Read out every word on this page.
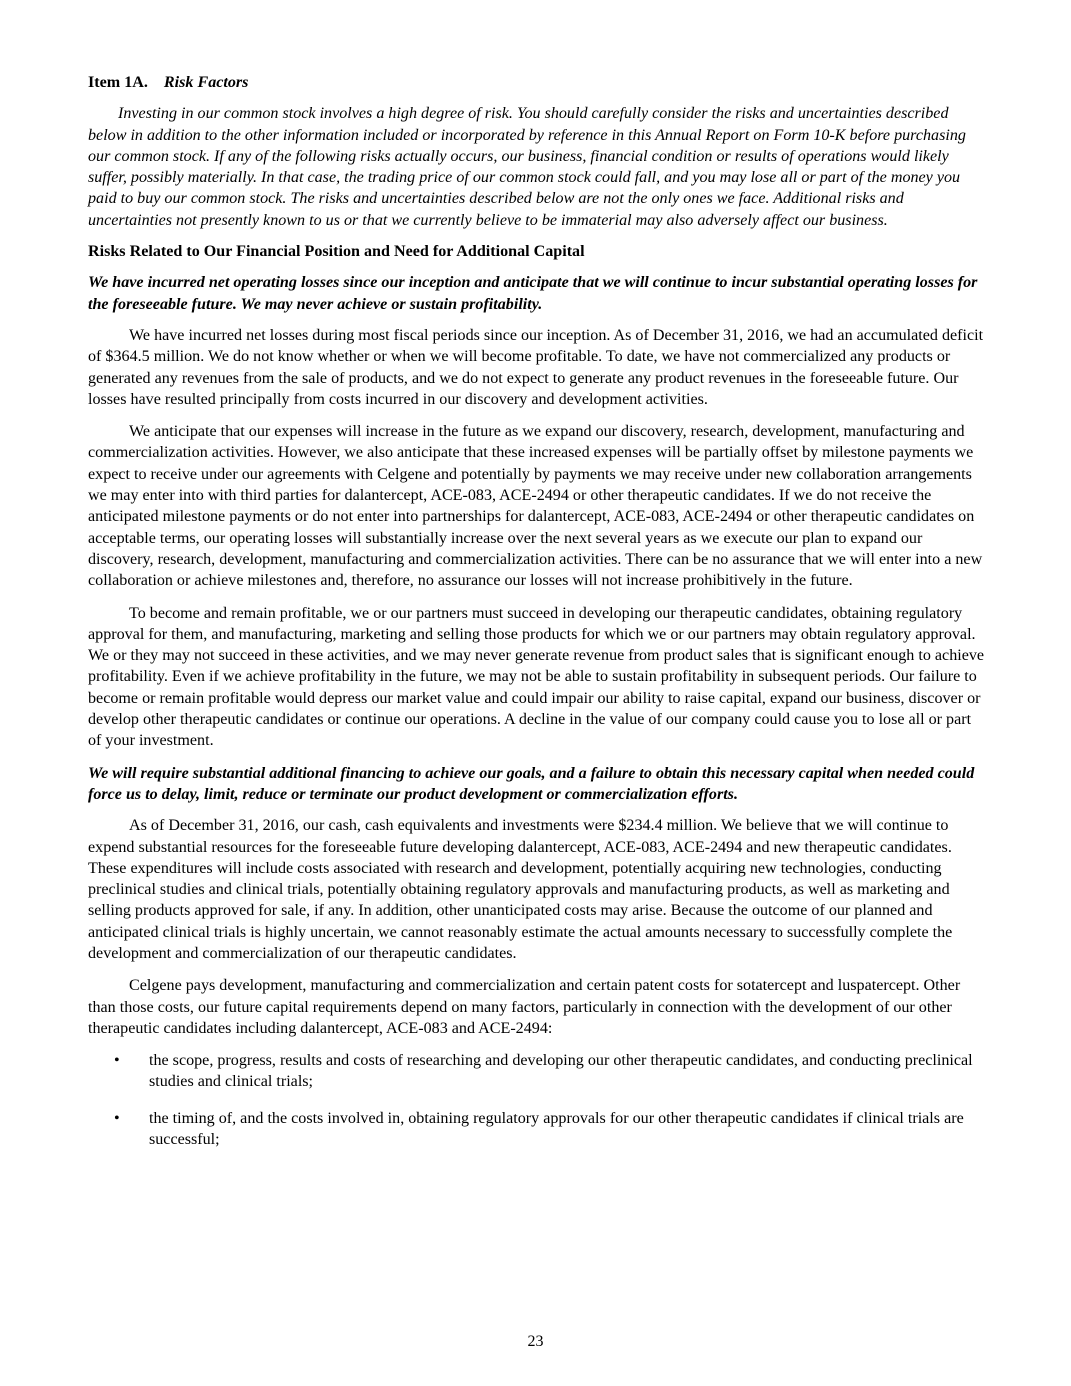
Item 1A. Risk Factors

Investing in our common stock involves a high degree of risk. You should carefully consider the risks and uncertainties described below in addition to the other information included or incorporated by reference in this Annual Report on Form 10-K before purchasing our common stock. If any of the following risks actually occurs, our business, financial condition or results of operations would likely suffer, possibly materially. In that case, the trading price of our common stock could fall, and you may lose all or part of the money you paid to buy our common stock. The risks and uncertainties described below are not the only ones we face. Additional risks and uncertainties not presently known to us or that we currently believe to be immaterial may also adversely affect our business.

Risks Related to Our Financial Position and Need for Additional Capital
We have incurred net operating losses since our inception and anticipate that we will continue to incur substantial operating losses for the foreseeable future. We may never achieve or sustain profitability.

We have incurred net losses during most fiscal periods since our inception. As of December 31, 2016, we had an accumulated deficit of $364.5 million. We do not know whether or when we will become profitable. To date, we have not commercialized any products or generated any revenues from the sale of products, and we do not expect to generate any product revenues in the foreseeable future. Our losses have resulted principally from costs incurred in our discovery and development activities.

We anticipate that our expenses will increase in the future as we expand our discovery, research, development, manufacturing and commercialization activities. However, we also anticipate that these increased expenses will be partially offset by milestone payments we expect to receive under our agreements with Celgene and potentially by payments we may receive under new collaboration arrangements we may enter into with third parties for dalantercept, ACE-083, ACE-2494 or other therapeutic candidates. If we do not receive the anticipated milestone payments or do not enter into partnerships for dalantercept, ACE-083, ACE-2494 or other therapeutic candidates on acceptable terms, our operating losses will substantially increase over the next several years as we execute our plan to expand our discovery, research, development, manufacturing and commercialization activities. There can be no assurance that we will enter into a new collaboration or achieve milestones and, therefore, no assurance our losses will not increase prohibitively in the future.

To become and remain profitable, we or our partners must succeed in developing our therapeutic candidates, obtaining regulatory approval for them, and manufacturing, marketing and selling those products for which we or our partners may obtain regulatory approval. We or they may not succeed in these activities, and we may never generate revenue from product sales that is significant enough to achieve profitability. Even if we achieve profitability in the future, we may not be able to sustain profitability in subsequent periods. Our failure to become or remain profitable would depress our market value and could impair our ability to raise capital, expand our business, discover or develop other therapeutic candidates or continue our operations. A decline in the value of our company could cause you to lose all or part of your investment.

We will require substantial additional financing to achieve our goals, and a failure to obtain this necessary capital when needed could force us to delay, limit, reduce or terminate our product development or commercialization efforts.

As of December 31, 2016, our cash, cash equivalents and investments were $234.4 million. We believe that we will continue to expend substantial resources for the foreseeable future developing dalantercept, ACE-083, ACE-2494 and new therapeutic candidates. These expenditures will include costs associated with research and development, potentially acquiring new technologies, conducting preclinical studies and clinical trials, potentially obtaining regulatory approvals and manufacturing products, as well as marketing and selling products approved for sale, if any. In addition, other unanticipated costs may arise. Because the outcome of our planned and anticipated clinical trials is highly uncertain, we cannot reasonably estimate the actual amounts necessary to successfully complete the development and commercialization of our therapeutic candidates.

Celgene pays development, manufacturing and commercialization and certain patent costs for sotatercept and luspatercept. Other than those costs, our future capital requirements depend on many factors, particularly in connection with the development of our other therapeutic candidates including dalantercept, ACE-083 and ACE-2494:

• the scope, progress, results and costs of researching and developing our other therapeutic candidates, and conducting preclinical studies and clinical trials;
• the timing of, and the costs involved in, obtaining regulatory approvals for our other therapeutic candidates if clinical trials are successful;
23
